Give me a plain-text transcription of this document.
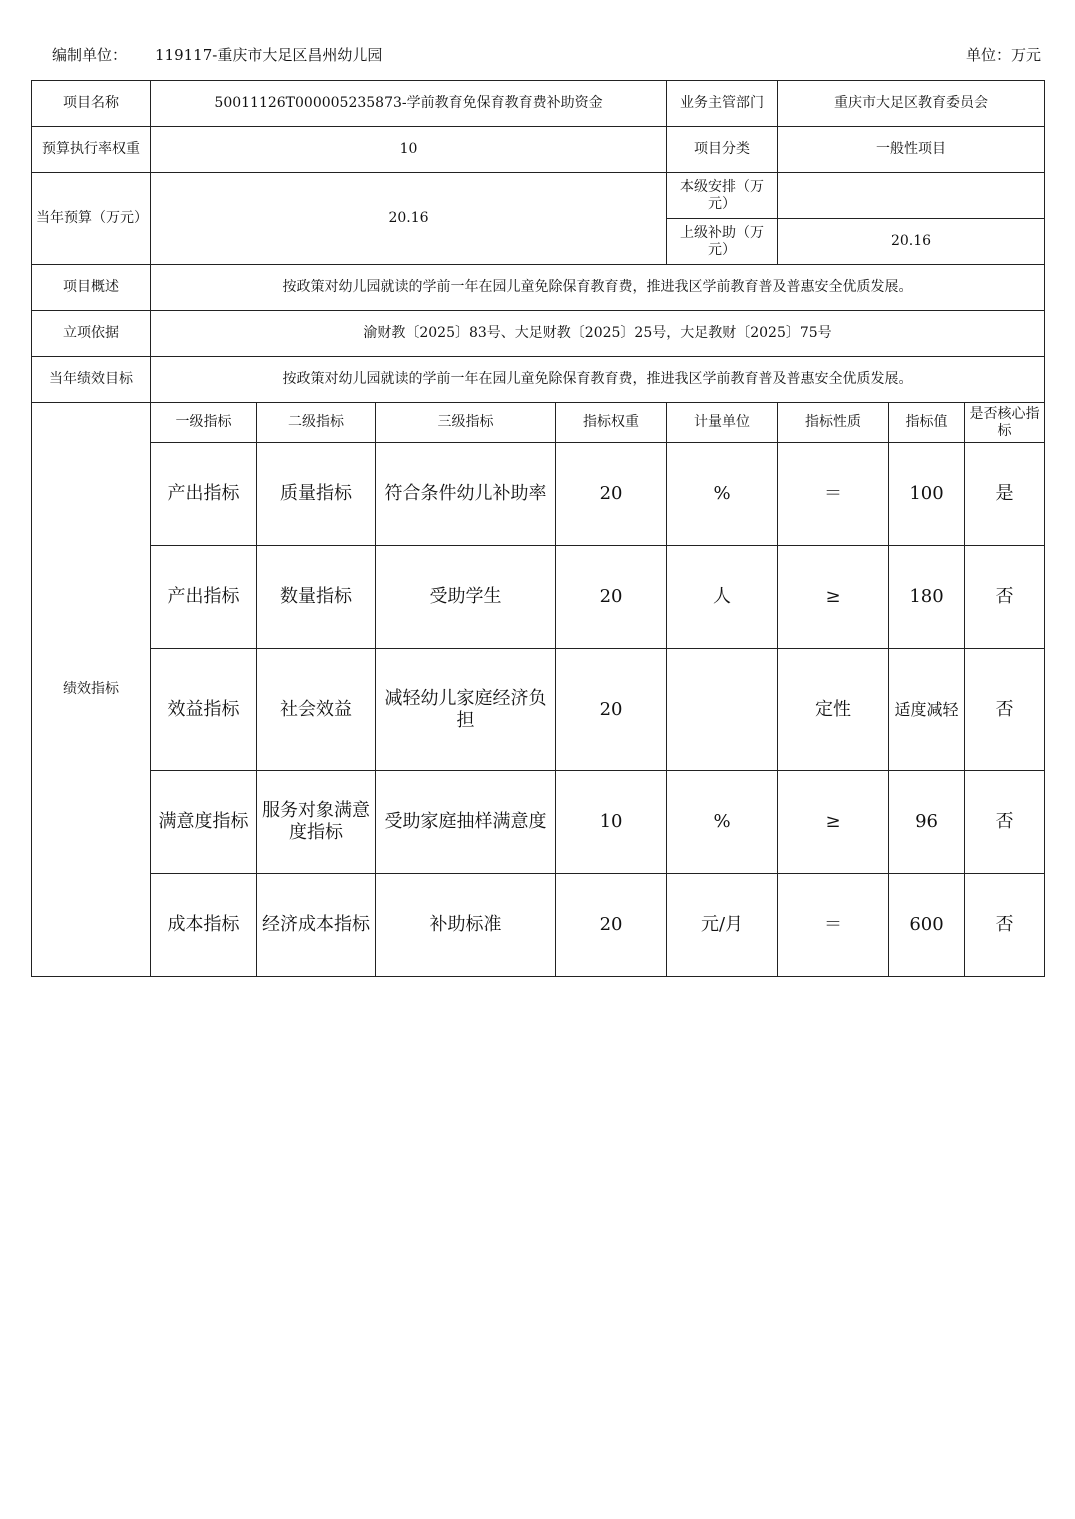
编制单位： 119117-重庆市大足区昌州幼儿园	单位：万元
项目名称	50011126T000005235873-学前教育免保育教育费补助资金				业务主管部门	重庆市大足区教育委员会		
预算执行率权重	10				项目分类	一般性项目		
当年预算（万元）	20.16				本级安排（万元）			
					上级补助（万元）	20.16		
项目概述	按政策对幼儿园就读的学前一年在园儿童免除保育教育费，推进我区学前教育普及普惠安全优质发展。							
立项依据	渝财教〔2025〕83号、大足财教〔2025〕25号，大足教财〔2025〕75号							
当年绩效目标	按政策对幼儿园就读的学前一年在园儿童免除保育教育费，推进我区学前教育普及普惠安全优质发展。							
绩效指标	一级指标	二级指标	三级指标	指标权重	计量单位	指标性质	指标值	是否核心指标
	产出指标	质量指标	符合条件幼儿补助率	20	%	＝	100	是
	产出指标	数量指标	受助学生	20	人	≥	180	否
	效益指标	社会效益	减轻幼儿家庭经济负担	20		定性	适度减轻	否
	满意度指标	服务对象满意度指标	受助家庭抽样满意度	10	%	≥	96	否
	成本指标	经济成本指标	补助标准	20	元/月	＝	600	否
